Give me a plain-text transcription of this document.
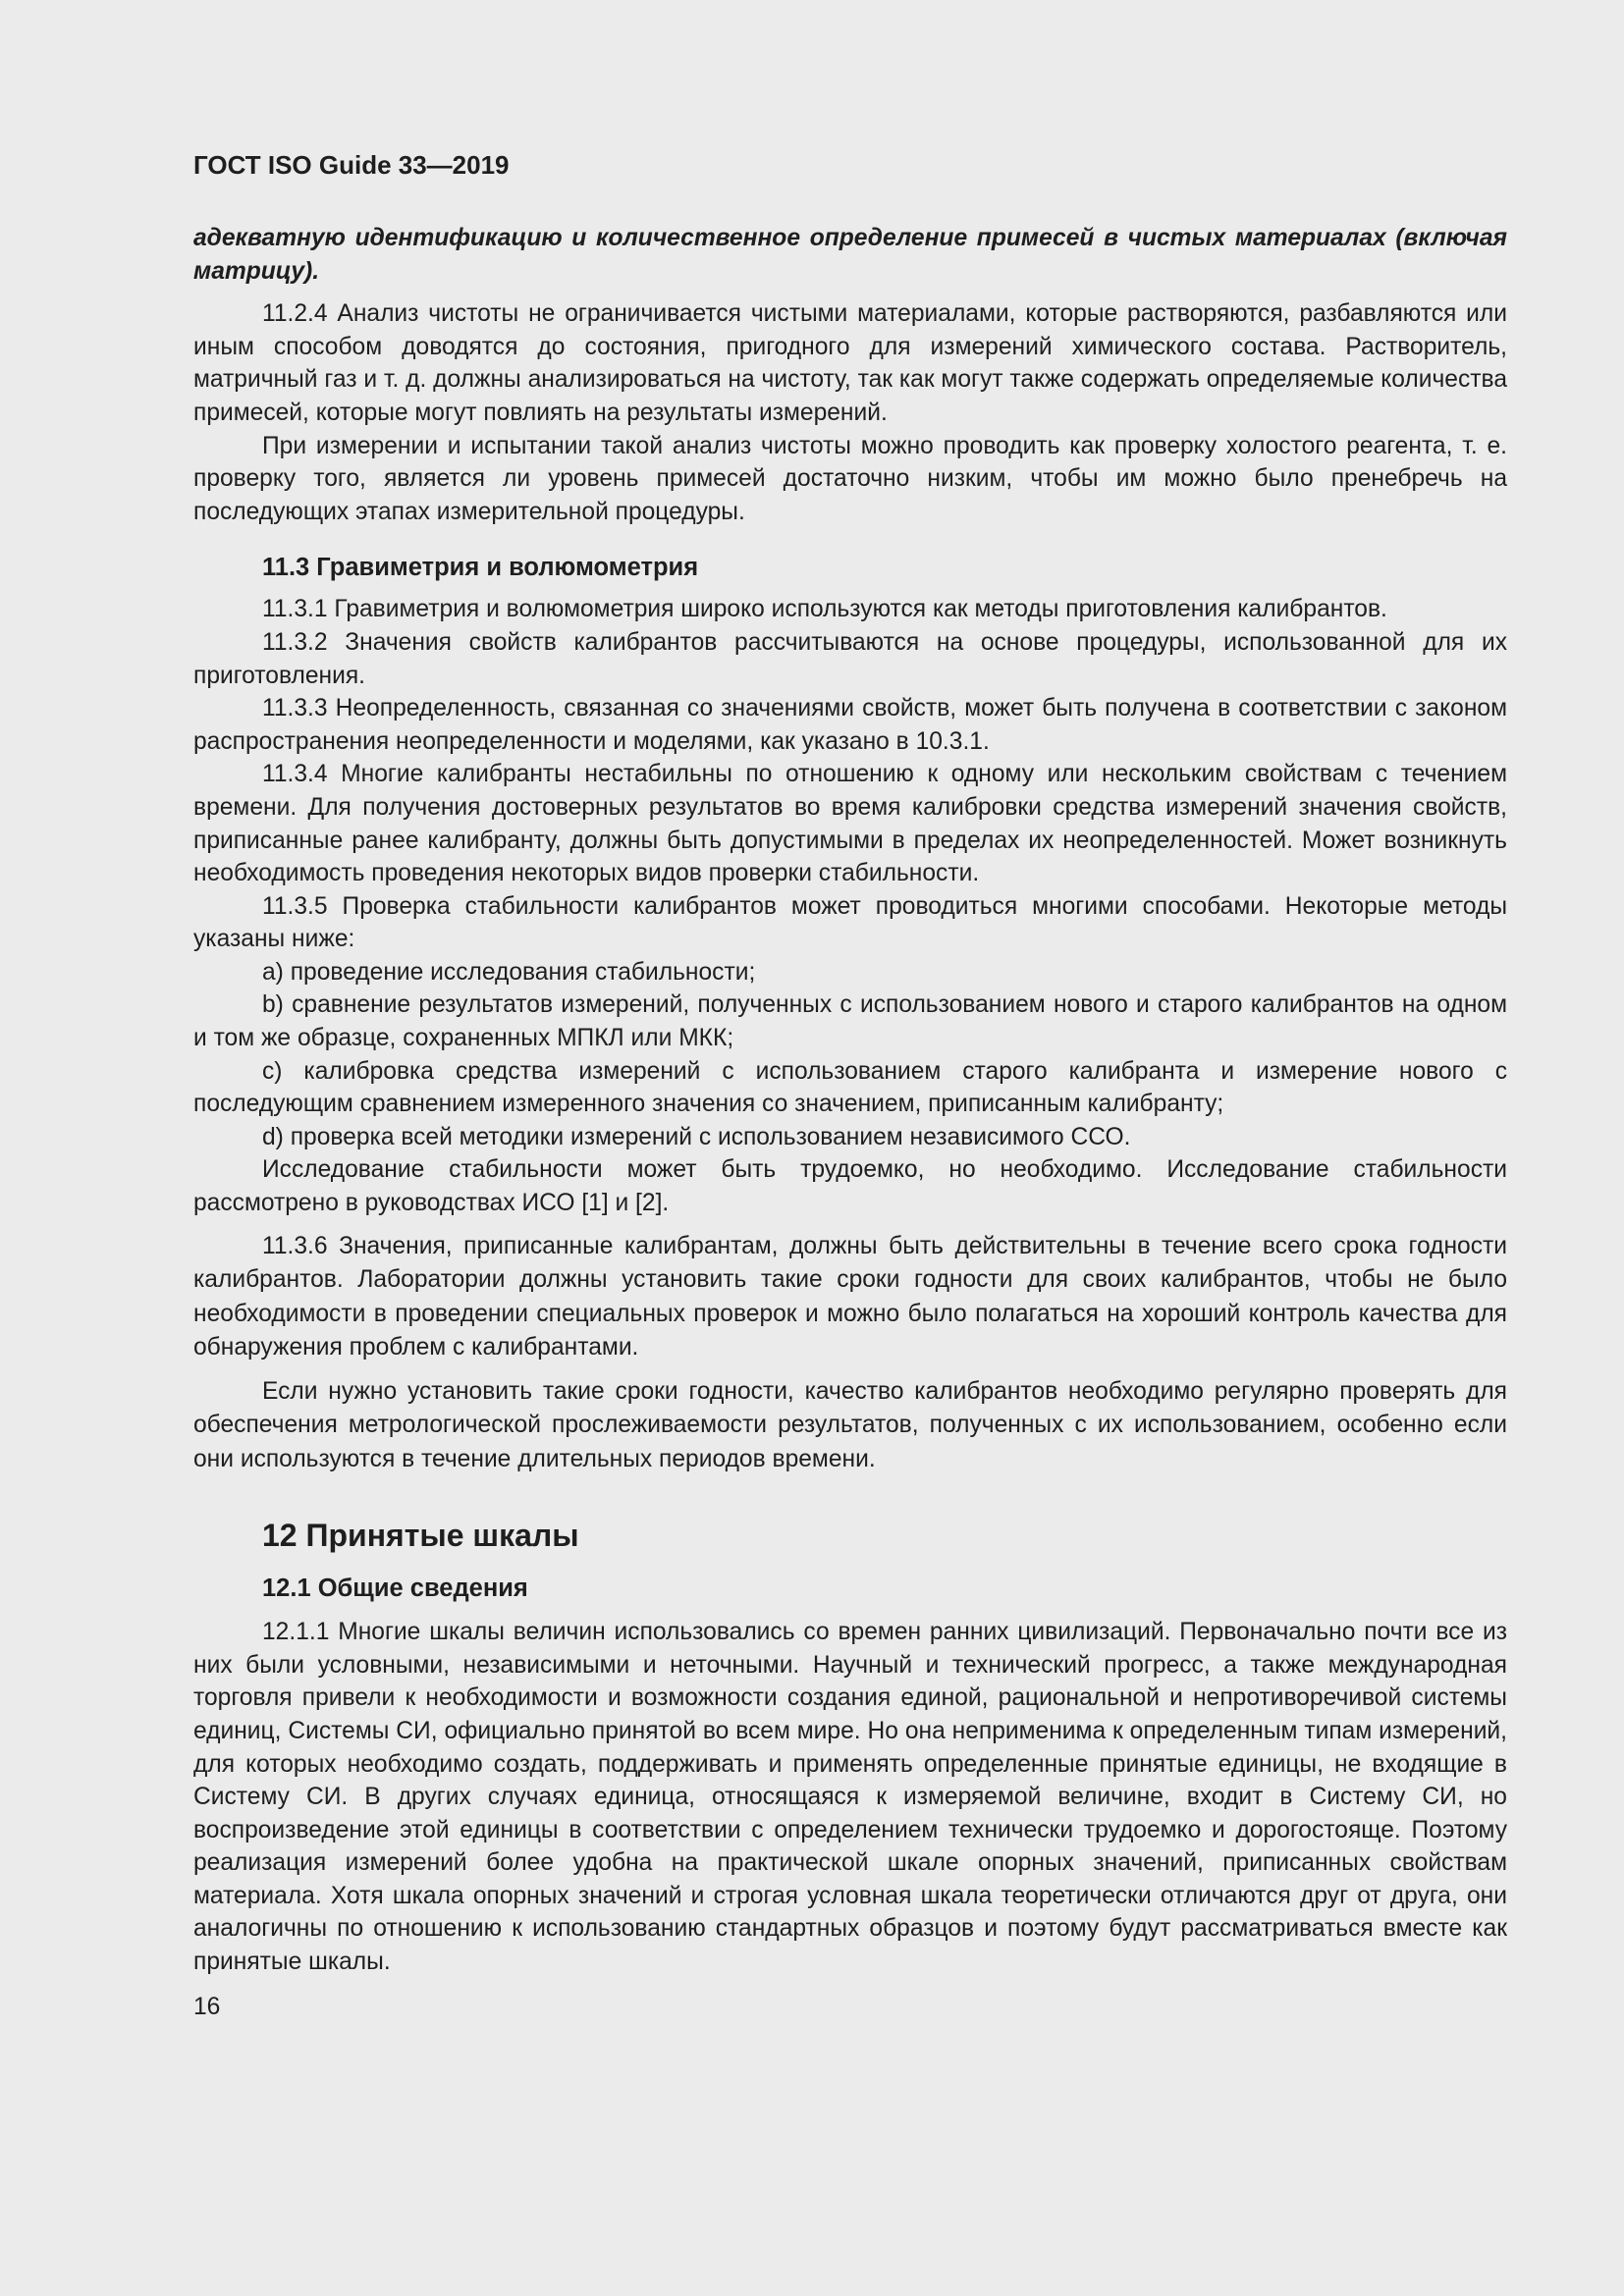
ГОСТ ISO Guide 33—2019

адекватную идентификацию и количественное определение примесей в чистых материалах (включая матрицу).

11.2.4 Анализ чистоты не ограничивается чистыми материалами, которые растворяются, разбавляются или иным способом доводятся до состояния, пригодного для измерений химического состава. Растворитель, матричный газ и т. д. должны анализироваться на чистоту, так как могут также содержать определяемые количества примесей, которые могут повлиять на результаты измерений.

При измерении и испытании такой анализ чистоты можно проводить как проверку холостого реагента, т. е. проверку того, является ли уровень примесей достаточно низким, чтобы им можно было пренебречь на последующих этапах измерительной процедуры.

11.3 Гравиметрия и волюмометрия

11.3.1 Гравиметрия и волюмометрия широко используются как методы приготовления калибрантов.

11.3.2 Значения свойств калибрантов рассчитываются на основе процедуры, использованной для их приготовления.

11.3.3 Неопределенность, связанная со значениями свойств, может быть получена в соответствии с законом распространения неопределенности и моделями, как указано в 10.3.1.

11.3.4 Многие калибранты нестабильны по отношению к одному или нескольким свойствам с течением времени. Для получения достоверных результатов во время калибровки средства измерений значения свойств, приписанные ранее калибранту, должны быть допустимыми в пределах их неопределенностей. Может возникнуть необходимость проведения некоторых видов проверки стабильности.

11.3.5 Проверка стабильности калибрантов может проводиться многими способами. Некоторые методы указаны ниже:

a) проведение исследования стабильности;

b) сравнение результатов измерений, полученных с использованием нового и старого калибрантов на одном и том же образце, сохраненных МПКЛ или МКК;

c) калибровка средства измерений с использованием старого калибранта и измерение нового с последующим сравнением измеренного значения со значением, приписанным калибранту;

d) проверка всей методики измерений с использованием независимого ССО.

Исследование стабильности может быть трудоемко, но необходимо. Исследование стабильности рассмотрено в руководствах ИСО [1] и [2].

11.3.6 Значения, приписанные калибрантам, должны быть действительны в течение всего срока годности калибрантов. Лаборатории должны установить такие сроки годности для своих калибрантов, чтобы не было необходимости в проведении специальных проверок и можно было полагаться на хороший контроль качества для обнаружения проблем с калибрантами.

Если нужно установить такие сроки годности, качество калибрантов необходимо регулярно проверять для обеспечения метрологической прослеживаемости результатов, полученных с их использованием, особенно если они используются в течение длительных периодов времени.

12 Принятые шкалы
12.1 Общие сведения

12.1.1 Многие шкалы величин использовались со времен ранних цивилизаций. Первоначально почти все из них были условными, независимыми и неточными. Научный и технический прогресс, а также международная торговля привели к необходимости и возможности создания единой, рациональной и непротиворечивой системы единиц, Системы СИ, официально принятой во всем мире. Но она неприменима к определенным типам измерений, для которых необходимо создать, поддерживать и применять определенные принятые единицы, не входящие в Систему СИ. В других случаях единица, относящаяся к измеряемой величине, входит в Систему СИ, но воспроизведение этой единицы в соответствии с определением технически трудоемко и дорогостояще. Поэтому реализация измерений более удобна на практической шкале опорных значений, приписанных свойствам материала. Хотя шкала опорных значений и строгая условная шкала теоретически отличаются друг от друга, они аналогичны по отношению к использованию стандартных образцов и поэтому будут рассматриваться вместе как принятые шкалы.

16
